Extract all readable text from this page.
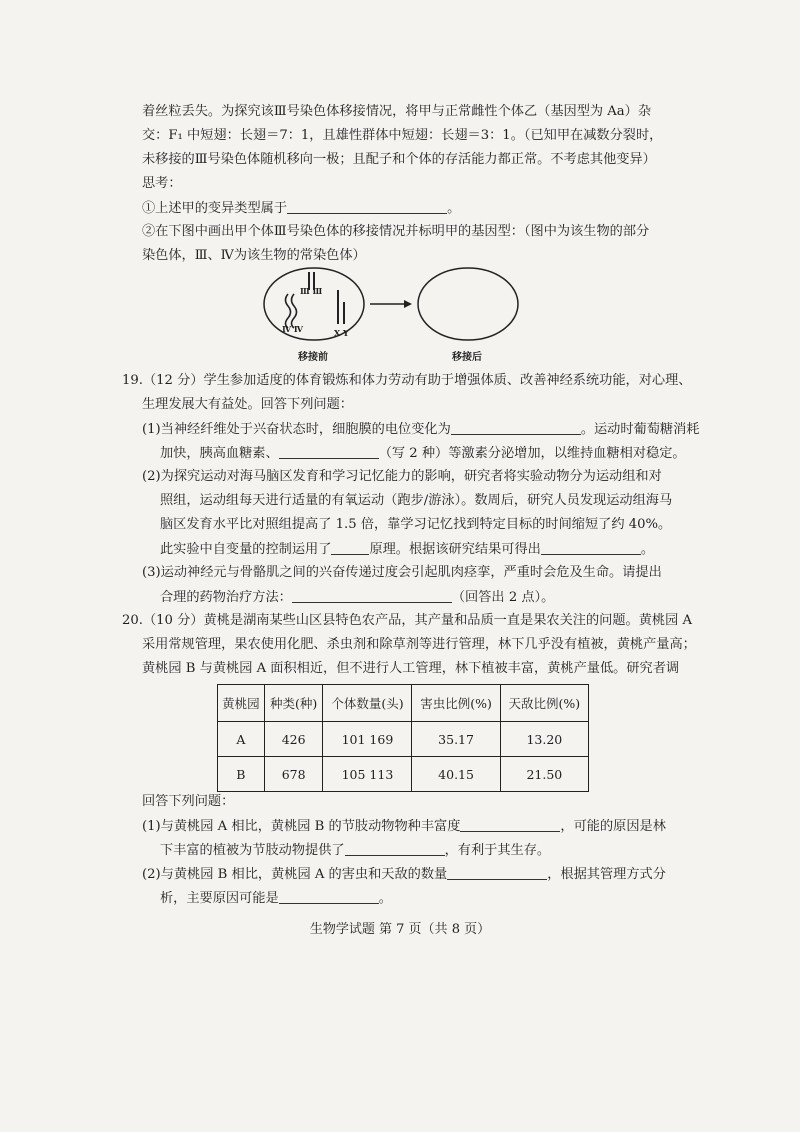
着丝粒丢失。为探究该Ⅲ号染色体移接情况，将甲与正常雌性个体乙（基因型为 Aa）杂
交：F₁ 中短翅：长翅＝7：1，且雄性群体中短翅：长翅＝3：1。（已知甲在减数分裂时，
未移接的Ⅲ号染色体随机移向一极；且配子和个体的存活能力都正常。不考虑其他变异）
思考：
①上述甲的变异类型属于	。
②在下图中画出甲个体Ⅲ号染色体的移接情况并标明甲的基因型：（图中为该生物的部分
染色体，Ⅲ、Ⅳ为该生物的常染色体）
Ⅲ Ⅲ
Ⅳ Ⅳ	X Y
移接前	移接后
19.（12 分）学生参加适度的体育锻炼和体力劳动有助于增强体质、改善神经系统功能，对心理、
生理发展大有益处。回答下列问题：
(1)当神经纤维处于兴奋状态时，细胞膜的电位变化为	。运动时葡萄糖消耗
加快，胰高血糖素、	（写 2 种）等激素分泌增加，以维持血糖相对稳定。
(2)为探究运动对海马脑区发育和学习记忆能力的影响，研究者将实验动物分为运动组和对
照组，运动组每天进行适量的有氧运动（跑步/游泳）。数周后，研究人员发现运动组海马
脑区发育水平比对照组提高了 1.5 倍，靠学习记忆找到特定目标的时间缩短了约 40%。
此实验中自变量的控制运用了	原理。根据该研究结果可得出	。
(3)运动神经元与骨骼肌之间的兴奋传递过度会引起肌肉痉挛，严重时会危及生命。请提出
合理的药物治疗方法：	（回答出 2 点）。
20.（10 分）黄桃是湖南某些山区县特色农产品，其产量和品质一直是果农关注的问题。黄桃园 A
采用常规管理，果农使用化肥、杀虫剂和除草剂等进行管理，林下几乎没有植被，黄桃产量高；
黄桃园 B 与黄桃园 A 面积相近，但不进行人工管理，林下植被丰富，黄桃产量低。研究者调
黄桃园	种类(种)	个体数量(头)	害虫比例(%)	天敌比例(%)
A	426	101 169	35.17	13.20
B	678	105 113	40.15	21.50
回答下列问题：
(1)与黄桃园 A 相比，黄桃园 B 的节肢动物物种丰富度	，可能的原因是林
下丰富的植被为节肢动物提供了	，有利于其生存。
(2)与黄桃园 B 相比，黄桃园 A 的害虫和天敌的数量	，根据其管理方式分
析，主要原因可能是	。
生物学试题 第 7 页（共 8 页）
